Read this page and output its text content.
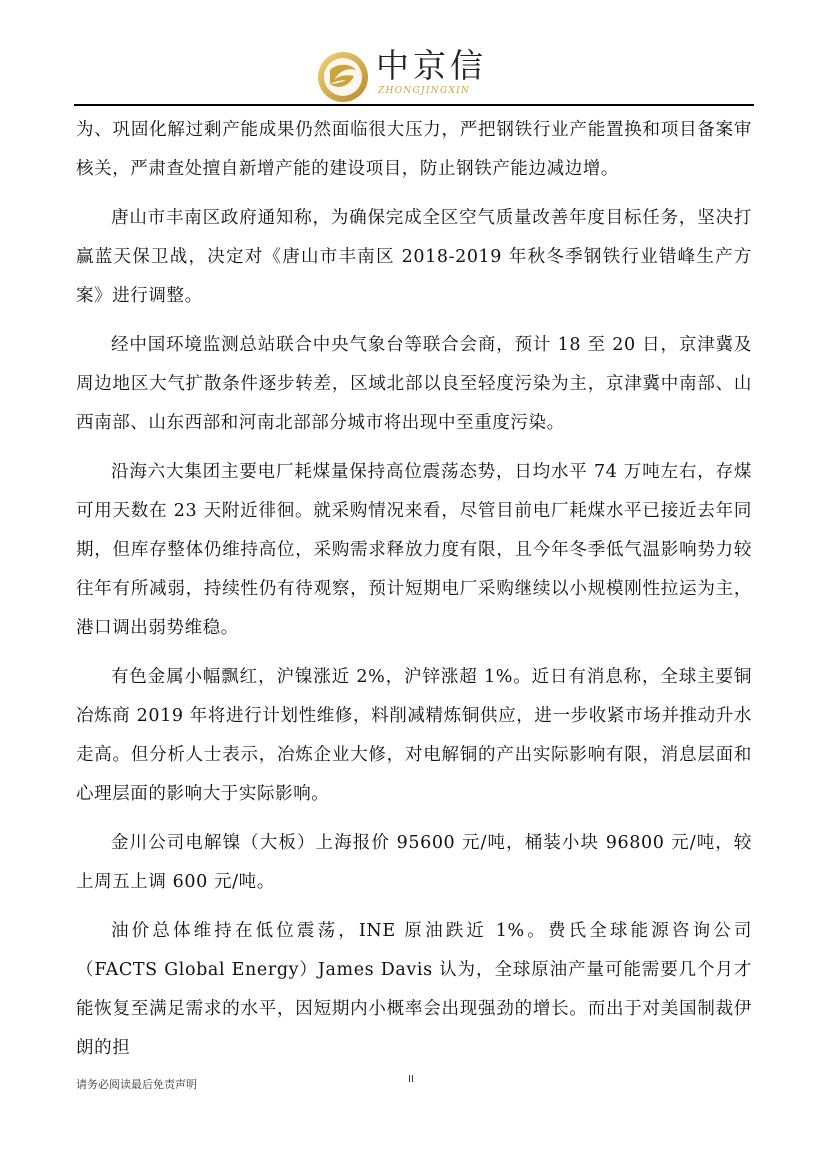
中京信
ZHONGJINGXIN

为、巩固化解过剩产能成果仍然面临很大压力，严把钢铁行业产能置换和项目备案审核关，严肃查处擅自新增产能的建设项目，防止钢铁产能边减边增。

唐山市丰南区政府通知称，为确保完成全区空气质量改善年度目标任务，坚决打赢蓝天保卫战，决定对《唐山市丰南区 2018-2019 年秋冬季钢铁行业错峰生产方案》进行调整。

经中国环境监测总站联合中央气象台等联合会商，预计 18 至 20 日，京津冀及周边地区大气扩散条件逐步转差，区域北部以良至轻度污染为主，京津冀中南部、山西南部、山东西部和河南北部部分城市将出现中至重度污染。

沿海六大集团主要电厂耗煤量保持高位震荡态势，日均水平 74 万吨左右，存煤可用天数在 23 天附近徘徊。就采购情况来看，尽管目前电厂耗煤水平已接近去年同期，但库存整体仍维持高位，采购需求释放力度有限，且今年冬季低气温影响势力较往年有所减弱，持续性仍有待观察，预计短期电厂采购继续以小规模刚性拉运为主，港口调出弱势维稳。

有色金属小幅飘红，沪镍涨近 2%，沪锌涨超 1%。近日有消息称，全球主要铜冶炼商 2019 年将进行计划性维修，料削减精炼铜供应，进一步收紧市场并推动升水走高。但分析人士表示，冶炼企业大修，对电解铜的产出实际影响有限，消息层面和心理层面的影响大于实际影响。

金川公司电解镍（大板）上海报价 95600 元/吨，桶装小块 96800 元/吨，较上周五上调 600 元/吨。

油价总体维持在低位震荡，INE 原油跌近 1%。费氏全球能源咨询公司（FACTS Global Energy）James Davis 认为，全球原油产量可能需要几个月才能恢复至满足需求的水平，因短期内小概率会出现强劲的增长。而出于对美国制裁伊朗的担

请务必阅读最后免责声明	II
